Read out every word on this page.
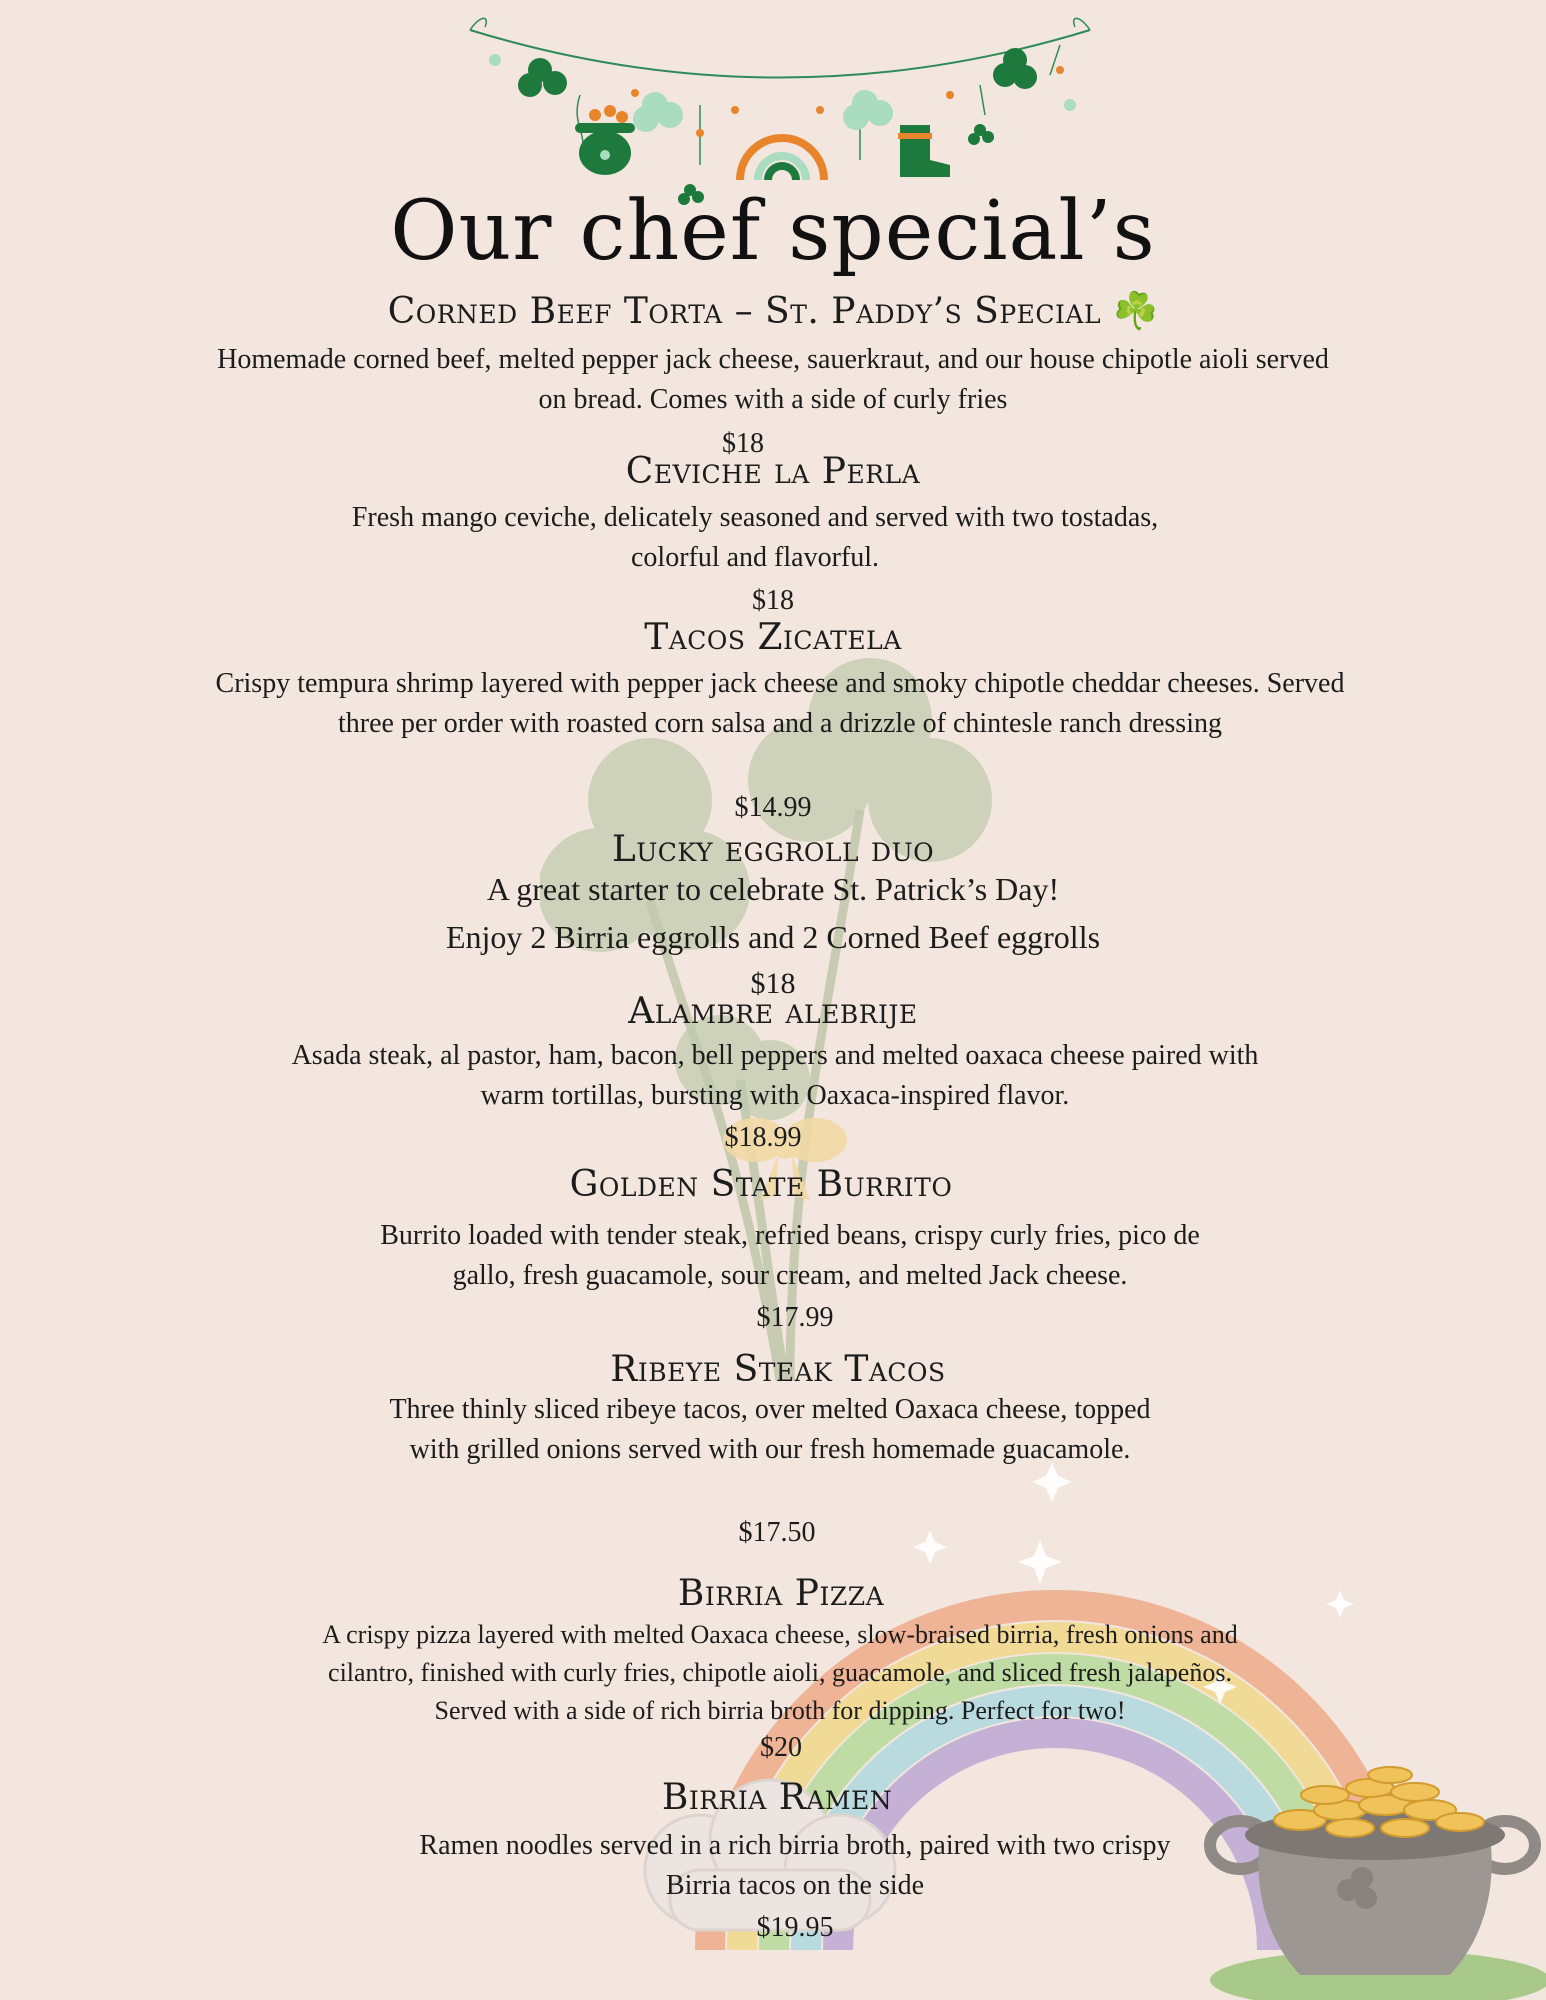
Our chef special’s
Corned Beef Torta – St. Paddy’s Special ☘️
Homemade corned beef, melted pepper jack cheese, sauerkraut, and our house chipotle aioli served on bread. Comes with a side of curly fries
$18
Ceviche la Perla
Fresh mango ceviche, delicately seasoned and served with two tostadas, colorful and flavorful.
$18
Tacos Zicatela
Crispy tempura shrimp layered with pepper jack cheese and smoky chipotle cheddar cheeses. Served three per order with roasted corn salsa and a drizzle of chintesle ranch dressing
$14.99
Lucky eggroll duo
A great starter to celebrate St. Patrick’s Day!
Enjoy 2 Birria eggrolls and 2 Corned Beef eggrolls
$18
Alambre alebrije
Asada steak, al pastor, ham, bacon, bell peppers and melted oaxaca cheese paired with warm tortillas, bursting with Oaxaca-inspired flavor.
$18.99
Golden State Burrito
Burrito loaded with tender steak, refried beans, crispy curly fries, pico de gallo, fresh guacamole, sour cream, and melted Jack cheese.
$17.99
Ribeye Steak Tacos
Three thinly sliced ribeye tacos, over melted Oaxaca cheese, topped with grilled onions served with our fresh homemade guacamole.
$17.50
Birria Pizza
A crispy pizza layered with melted Oaxaca cheese, slow-braised birria, fresh onions and cilantro, finished with curly fries, chipotle aioli, guacamole, and sliced fresh jalapeños. Served with a side of rich birria broth for dipping. Perfect for two!
$20
Birria Ramen
Ramen noodles served in a rich birria broth, paired with two crispy Birria tacos on the side
$19.95
